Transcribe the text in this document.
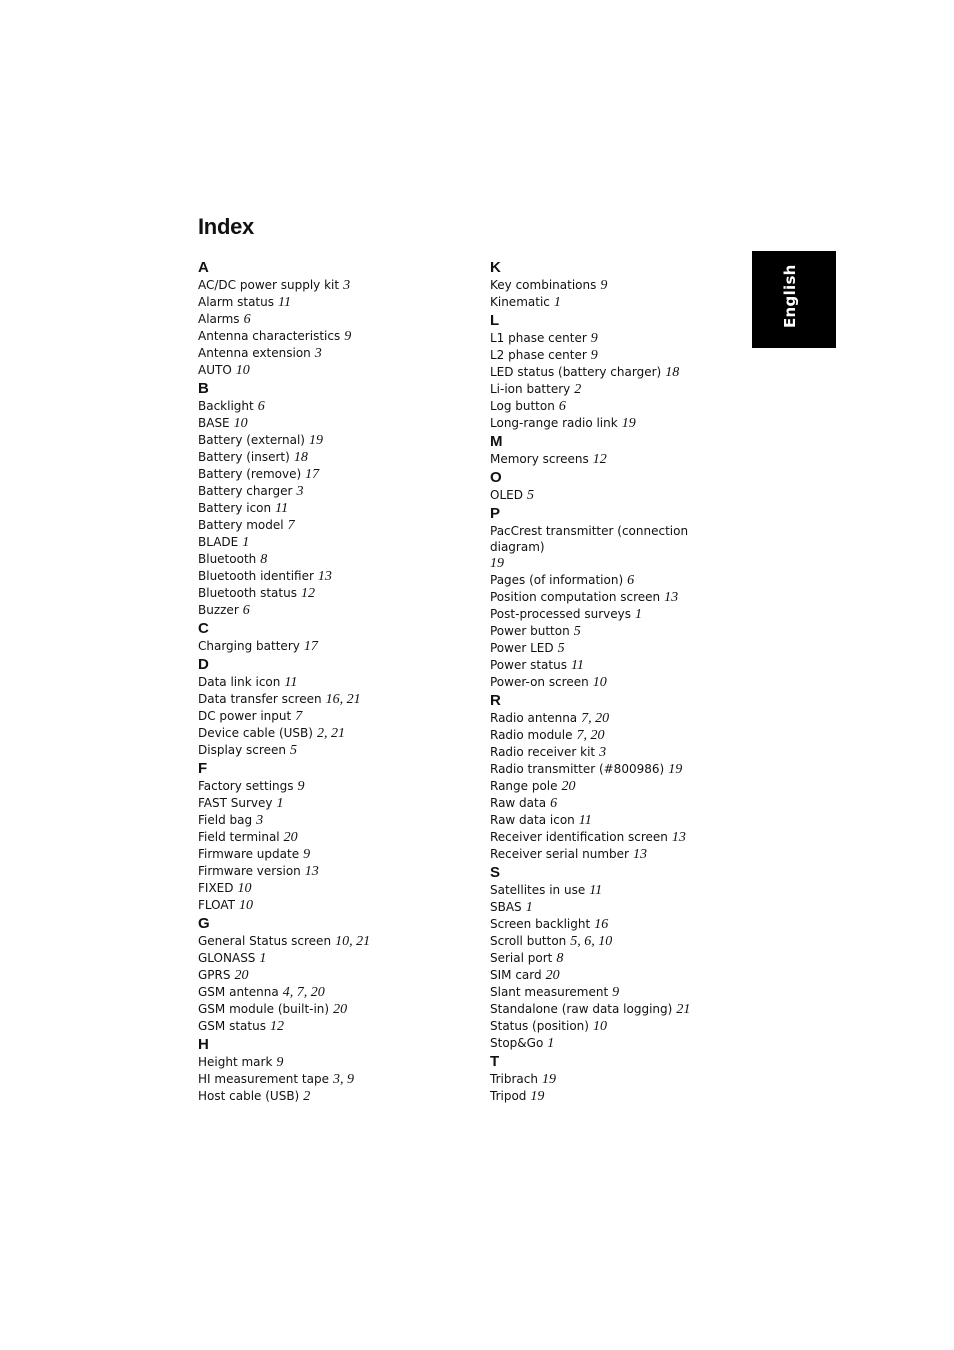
Index
A
AC/DC power supply kit 3
Alarm status 11
Alarms 6
Antenna characteristics 9
Antenna extension 3
AUTO 10
B
Backlight 6
BASE 10
Battery (external) 19
Battery (insert) 18
Battery (remove) 17
Battery charger 3
Battery icon 11
Battery model 7
BLADE 1
Bluetooth 8
Bluetooth identifier 13
Bluetooth status 12
Buzzer 6
C
Charging battery 17
D
Data link icon 11
Data transfer screen 16, 21
DC power input 7
Device cable (USB) 2, 21
Display screen 5
F
Factory settings 9
FAST Survey 1
Field bag 3
Field terminal 20
Firmware update 9
Firmware version 13
FIXED 10
FLOAT 10
G
General Status screen 10, 21
GLONASS 1
GPRS 20
GSM antenna 4, 7, 20
GSM module (built-in) 20
GSM status 12
H
Height mark 9
HI measurement tape 3, 9
Host cable (USB) 2
K
Key combinations 9
Kinematic 1
L
L1 phase center 9
L2 phase center 9
LED status (battery charger) 18
Li-ion battery 2
Log button 6
Long-range radio link 19
M
Memory screens 12
O
OLED 5
P
PacCrest transmitter (connection diagram)
19
Pages (of information) 6
Position computation screen 13
Post-processed surveys 1
Power button 5
Power LED 5
Power status 11
Power-on screen 10
R
Radio antenna 7, 20
Radio module 7, 20
Radio receiver kit 3
Radio transmitter (#800986) 19
Range pole 20
Raw data 6
Raw data icon 11
Receiver identification screen 13
Receiver serial number 13
S
Satellites in use 11
SBAS 1
Screen backlight 16
Scroll button 5, 6, 10
Serial port 8
SIM card 20
Slant measurement 9
Standalone (raw data logging) 21
Status (position) 10
Stop&Go 1
T
Tribrach 19
Tripod 19
English
